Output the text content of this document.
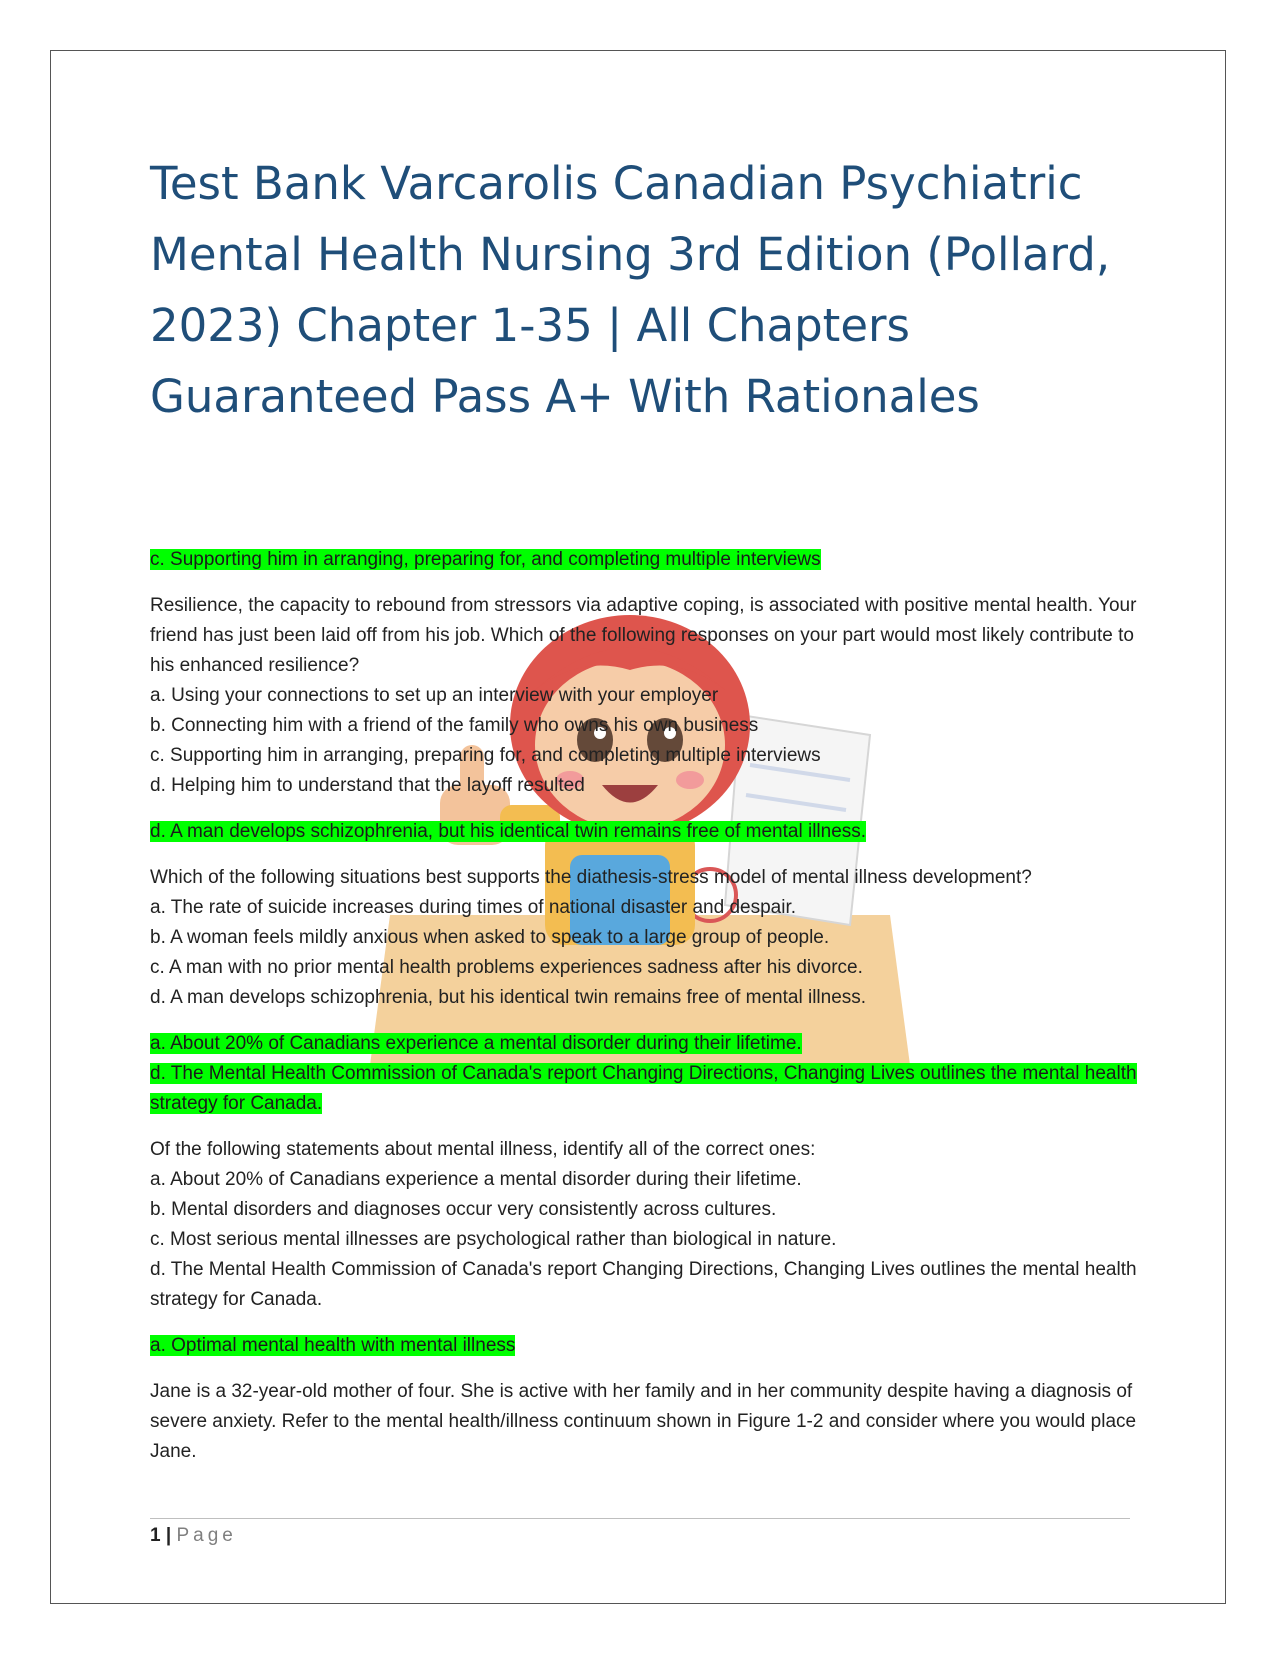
Test Bank Varcarolis Canadian Psychiatric Mental Health Nursing 3rd Edition (Pollard, 2023) Chapter 1-35 | All Chapters Guaranteed Pass A+ With Rationales
c. Supporting him in arranging, preparing for, and completing multiple interviews

Resilience, the capacity to rebound from stressors via adaptive coping, is associated with positive mental health. Your friend has just been laid off from his job. Which of the following responses on your part would most likely contribute to his enhanced resilience?

a. Using your connections to set up an interview with your employer

b. Connecting him with a friend of the family who owns his own business

c. Supporting him in arranging, preparing for, and completing multiple interviews

d. Helping him to understand that the layoff resulted

d. A man develops schizophrenia, but his identical twin remains free of mental illness.

Which of the following situations best supports the diathesis-stress model of mental illness development?

a. The rate of suicide increases during times of national disaster and despair.

b. A woman feels mildly anxious when asked to speak to a large group of people.

c. A man with no prior mental health problems experiences sadness after his divorce.

d. A man develops schizophrenia, but his identical twin remains free of mental illness.

a. About 20% of Canadians experience a mental disorder during their lifetime.
d. The Mental Health Commission of Canada's report Changing Directions, Changing Lives outlines the mental health strategy for Canada.

Of the following statements about mental illness, identify all of the correct ones:

a. About 20% of Canadians experience a mental disorder during their lifetime.

b. Mental disorders and diagnoses occur very consistently across cultures.

c. Most serious mental illnesses are psychological rather than biological in nature.

d. The Mental Health Commission of Canada's report Changing Directions, Changing Lives outlines the mental health strategy for Canada.

a. Optimal mental health with mental illness

Jane is a 32-year-old mother of four. She is active with her family and in her community despite having a diagnosis of severe anxiety. Refer to the mental health/illness continuum shown in Figure 1-2 and consider where you would place Jane.

1 | Page
